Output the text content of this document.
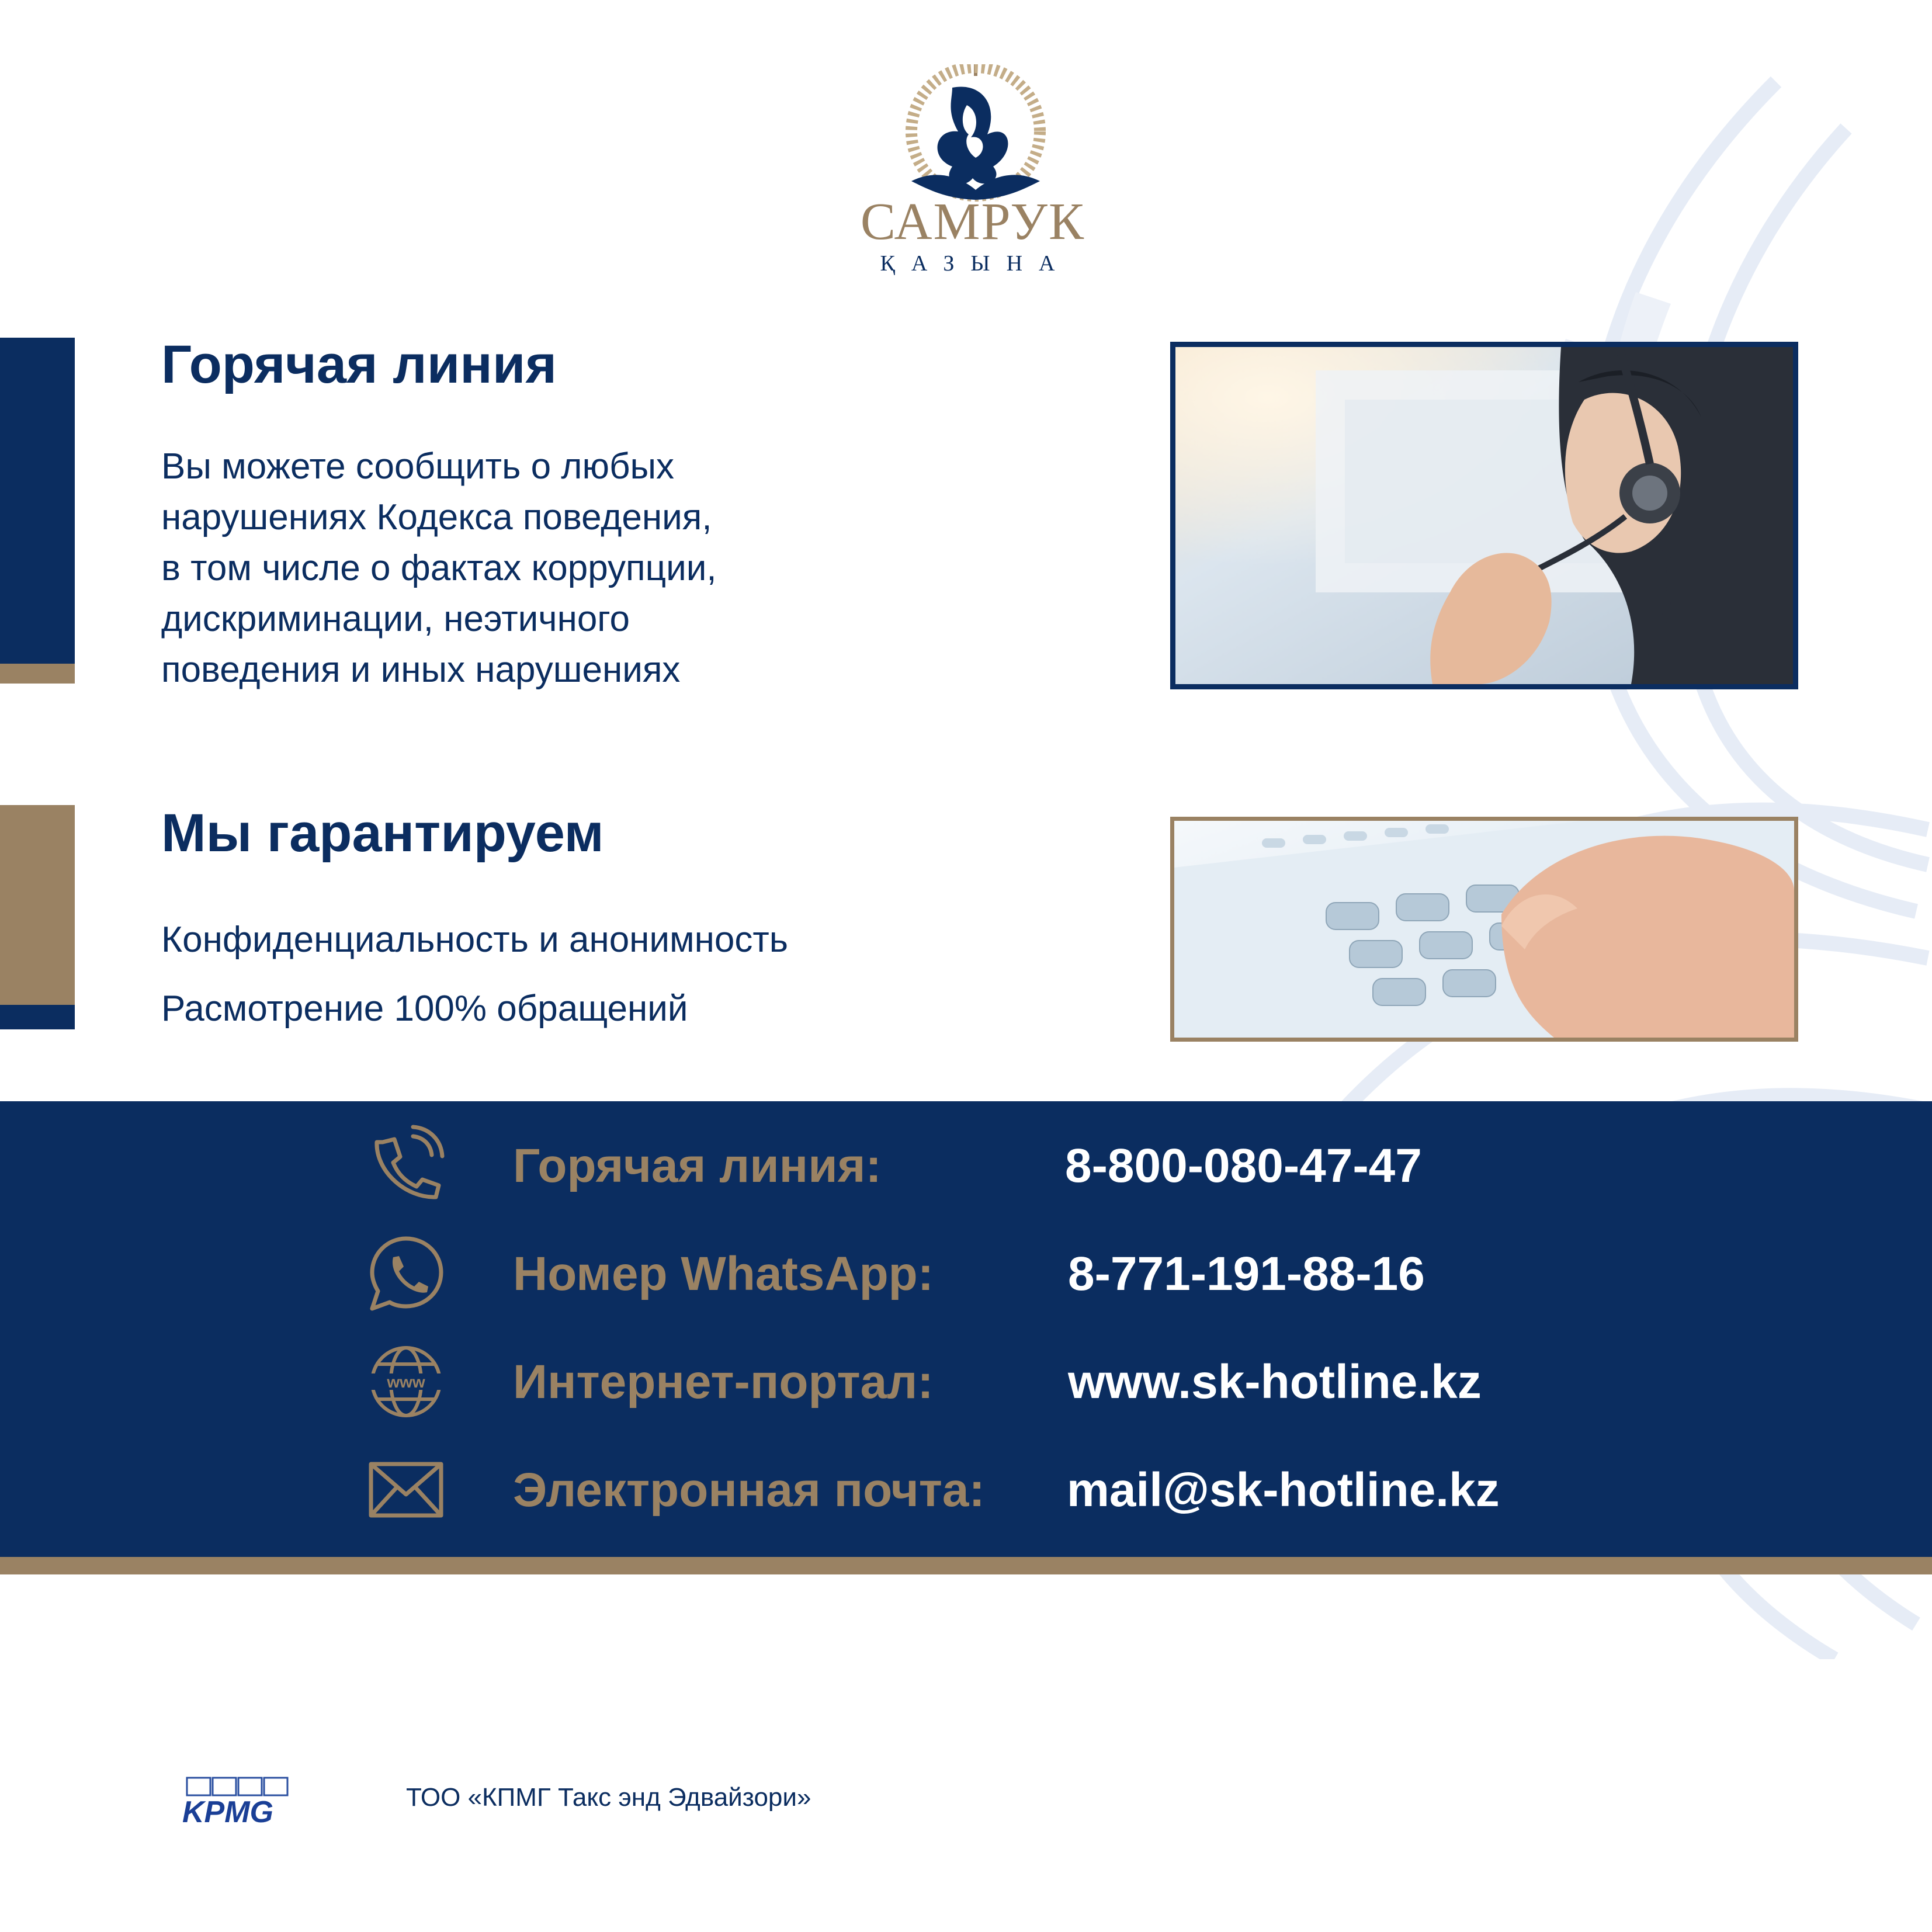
САМРУК
ҚАЗЫНА
Горячая линия
Вы можете сообщить о любых
нарушениях Кодекса поведения,
в том числе о фактах коррупции,
дискриминации, неэтичного
поведения и иных нарушениях
Мы гарантируем
Конфиденциальность и анонимность
Расмотрение 100% обращений
Горячая линия:	8-800-080-47-47
Номер WhatsApp:	8-771-191-88-16
www Интернет-портал:	www.sk-hotline.kz
Электронная почта: mail@sk-hotline.kz
KPMG	ТОО «КПМГ Такс энд Эдвайзори»
